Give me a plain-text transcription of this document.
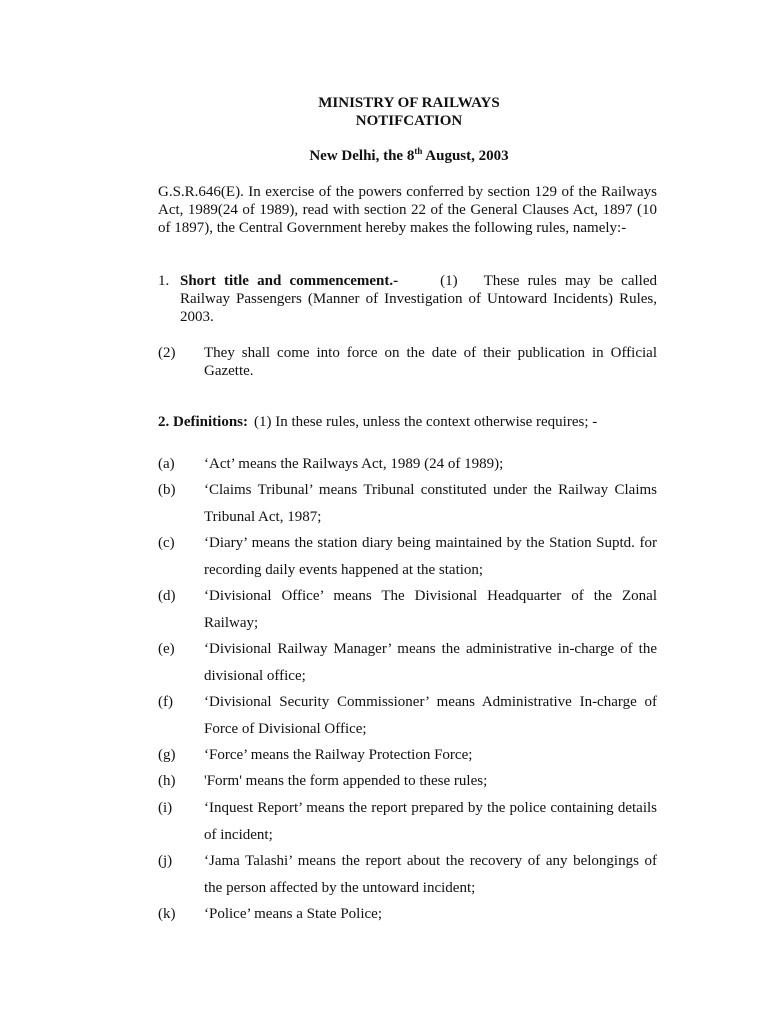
MINISTRY OF RAILWAYS
NOTIFCATION
New Delhi, the 8th August, 2003
G.S.R.646(E). In exercise of the powers conferred by section 129 of the Railways Act, 1989(24 of 1989), read with section 22 of the General Clauses Act, 1897 (10 of 1897), the Central Government hereby makes the following rules, namely:-
1. Short title and commencement.-	(1) These rules may be called Railway Passengers (Manner of Investigation of Untoward Incidents) Rules, 2003.
(2) They shall come into force on the date of their publication in Official Gazette.
2. Definitions: (1) In these rules, unless the context otherwise requires; -
(a) ‘Act’ means the Railways Act, 1989 (24 of 1989);
(b) ‘Claims Tribunal’ means Tribunal constituted under the Railway Claims Tribunal Act, 1987;
(c) ‘Diary’ means the station diary being maintained by the Station Suptd. for recording daily events happened at the station;
(d) ‘Divisional Office’ means The Divisional Headquarter of the Zonal Railway;
(e) ‘Divisional Railway Manager’ means the administrative in-charge of the divisional office;
(f) ‘Divisional Security Commissioner’ means Administrative In-charge of Force of Divisional Office;
(g) ‘Force’ means the Railway Protection Force;
(h) 'Form' means the form appended to these rules;
(i) ‘Inquest Report’ means the report prepared by the police containing details of incident;
(j) ‘Jama Talashi’ means the report about the recovery of any belongings of the person affected by the untoward incident;
(k) ‘Police’ means a State Police;
